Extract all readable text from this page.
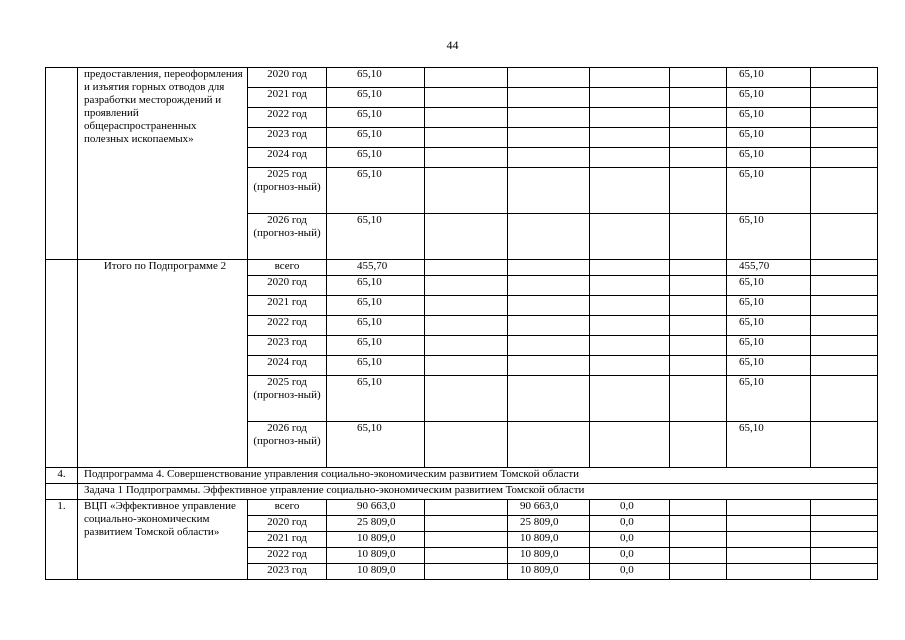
44
	предоставления, переоформления и изъятия горных отводов для разработки месторождений и проявлений общераспространенных полезных ископаемых»	2020 год	65,10					65,10	
		2021 год	65,10					65,10	
		2022 год	65,10					65,10	
		2023 год	65,10					65,10	
		2024 год	65,10					65,10	
		2025 год (прогноз-ный)	65,10					65,10	
		2026 год (прогноз-ный)	65,10					65,10	
	Итого по Подпрограмме 2	всего	455,70					455,70	
		2020 год	65,10					65,10	
		2021 год	65,10					65,10	
		2022 год	65,10					65,10	
		2023 год	65,10					65,10	
		2024 год	65,10					65,10	
		2025 год (прогноз-ный)	65,10					65,10	
		2026 год (прогноз-ный)	65,10					65,10	
4.	Подпрограмма 4. Совершенствование управления социально-экономическим развитием Томской области								
	Задача 1 Подпрограммы. Эффективное управление социально-экономическим развитием Томской области								
1.	ВЦП «Эффективное управление социально-экономическим развитием Томской области»	всего	90 663,0		90 663,0	0,0			
		2020 год	25 809,0		25 809,0	0,0			
		2021 год	10 809,0		10 809,0	0,0			
		2022 год	10 809,0		10 809,0	0,0			
		2023 год	10 809,0		10 809,0	0,0			
